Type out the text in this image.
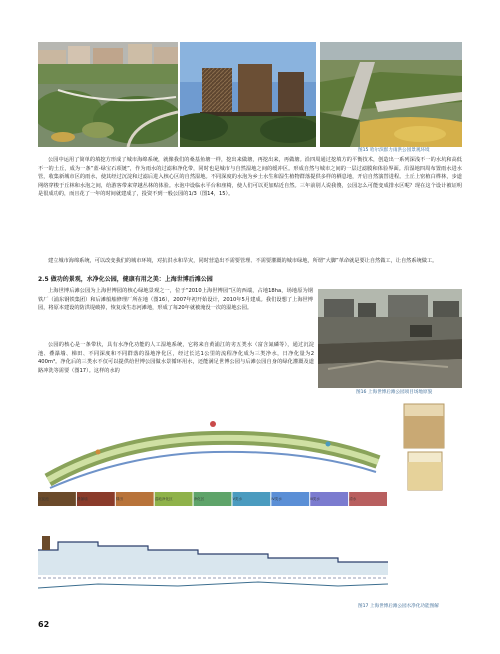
图15 哈尔滨群力雨洪公园景观环境

公园中运用了简单的填挖方形成了城市海绵系统，就像我们的桑基鱼塘一样，挖出来做塘，再挖出来，再做塘。沿四周通过挖填方的平衡技术，创造出一系列深浅不一的水坑和高低不一的土丘，成为一条“蓝-绿宝石项链”，作为雨水的过滤和净化带，同时也是城市与自然湿地之间的缓冲区。形成自然与城市之间的一层过滤膜和体验界面。沿湿地四周布置雨水进水管，收集新城市区的雨水，使其经过沉淀和过滤后进入核心区的自然湿地。不同深度的水泡为乡土水生和湿生植物群落提供多样的栖息地，开启自然演替进程。土丘上密植白桦林，步道网络穿梭于丘林和水泡之间，给游客带来穿越丛林的体验。水泡中设临水平台和座椅，使人们可以更加贴近自然。三年前别人说我傻，公园怎么可能变成排水区呢？现在这个设计被证明是很成功的，而且花了一年的时间就建成了，投资不到一般公园的1/3（图14，15）。

建立城市海绵系统，可以改变我们的城市环境，对抗洪水和旱灾，同时营造出不需要管理、不需要灌溉的城市绿地，所谓“大脚”革命就是要让自然做工，让自然系统做工。

2.5 做功的景观，水净化公园，健康有用之美：上海世博后滩公园

上海世博后滩公园为上海世博园的核心绿地景观之一，位于“2010上海世博园”区的西端，占地18ha，场地原为钢铁厂（浦东钢铁集团）和后滩船舶修理厂所在地（图16），2007年初开始设计，2010年5月建成。我们设想了上海世博园，将原本建设的防洪堤破掉，恢复成生态河滩地，形成了每20年就被淹没一次的湿地公园。

图16 上海世博后滩公园项目场地原貌

公园的核心是一条带状，具有水净化功能的人工湿地系统，它将来自黄浦江的劣五类水（富含氮磷等），通过沉淀池、叠瀑墙、梯田、不同深度和不同群落的湿地净化区，经过长达1公里的流程净化成为三类净水，日净化量为2 400m³。净化后的三类水不仅可以提供给世博公园做水景循环用水，还能满足世博公园与后滩公园自身的绿化灌溉及道路冲洗等需要（图17）。这样的水的

沉淀池	叠瀑墙	梯田	湿地净化区	净化区	Ⅴ类水	Ⅳ类水	Ⅲ类水	清水
图17 上海世博后滩公园水净化功能图解
62
